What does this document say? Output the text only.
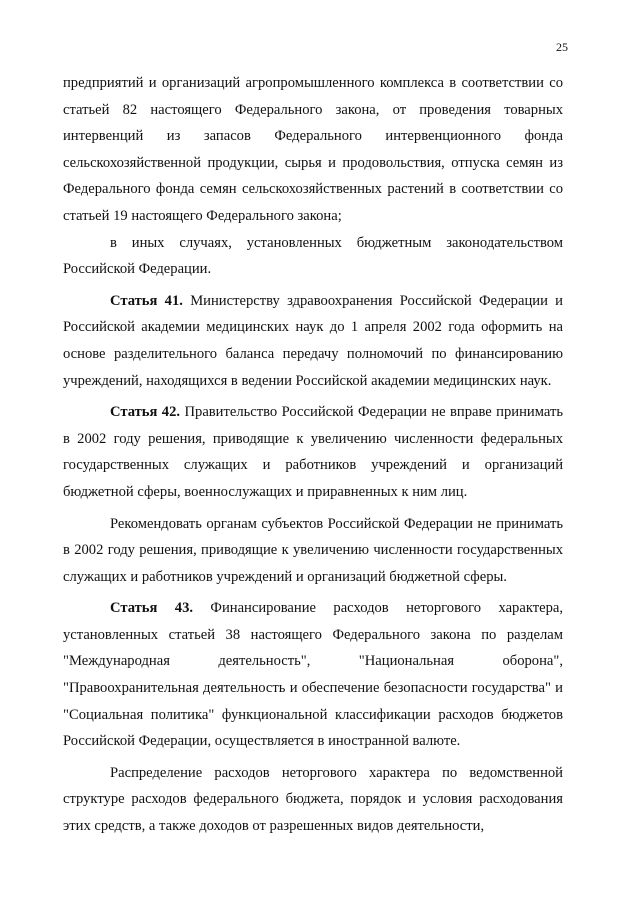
25

предприятий и организаций агропромышленного комплекса в соответствии со статьей 82 настоящего Федерального закона, от проведения товарных интервенций из запасов Федерального интервенционного фонда сельскохозяйственной продукции, сырья и продовольствия, отпуска семян из Федерального фонда семян сельскохозяйственных растений в соответствии со статьей 19 настоящего Федерального закона;

в иных случаях, установленных бюджетным законодательством Российской Федерации.

Статья 41. Министерству здравоохранения Российской Федерации и Российской академии медицинских наук до 1 апреля 2002 года оформить на основе разделительного баланса передачу полномочий по финансированию учреждений, находящихся в ведении Российской академии медицинских наук.

Статья 42. Правительство Российской Федерации не вправе принимать в 2002 году решения, приводящие к увеличению численности федеральных государственных служащих и работников учреждений и организаций бюджетной сферы, военнослужащих и приравненных к ним лиц.

Рекомендовать органам субъектов Российской Федерации не принимать в 2002 году решения, приводящие к увеличению численности государственных служащих и работников учреждений и организаций бюджетной сферы.

Статья 43. Финансирование расходов неторгового характера, установленных статьей 38 настоящего Федерального закона по разделам "Международная деятельность", "Национальная оборона", "Правоохранительная деятельность и обеспечение безопасности государства" и "Социальная политика" функциональной классификации расходов бюджетов Российской Федерации, осуществляется в иностранной валюте.

Распределение расходов неторгового характера по ведомственной структуре расходов федерального бюджета, порядок и условия расходования этих средств, а также доходов от разрешенных видов деятельности,
